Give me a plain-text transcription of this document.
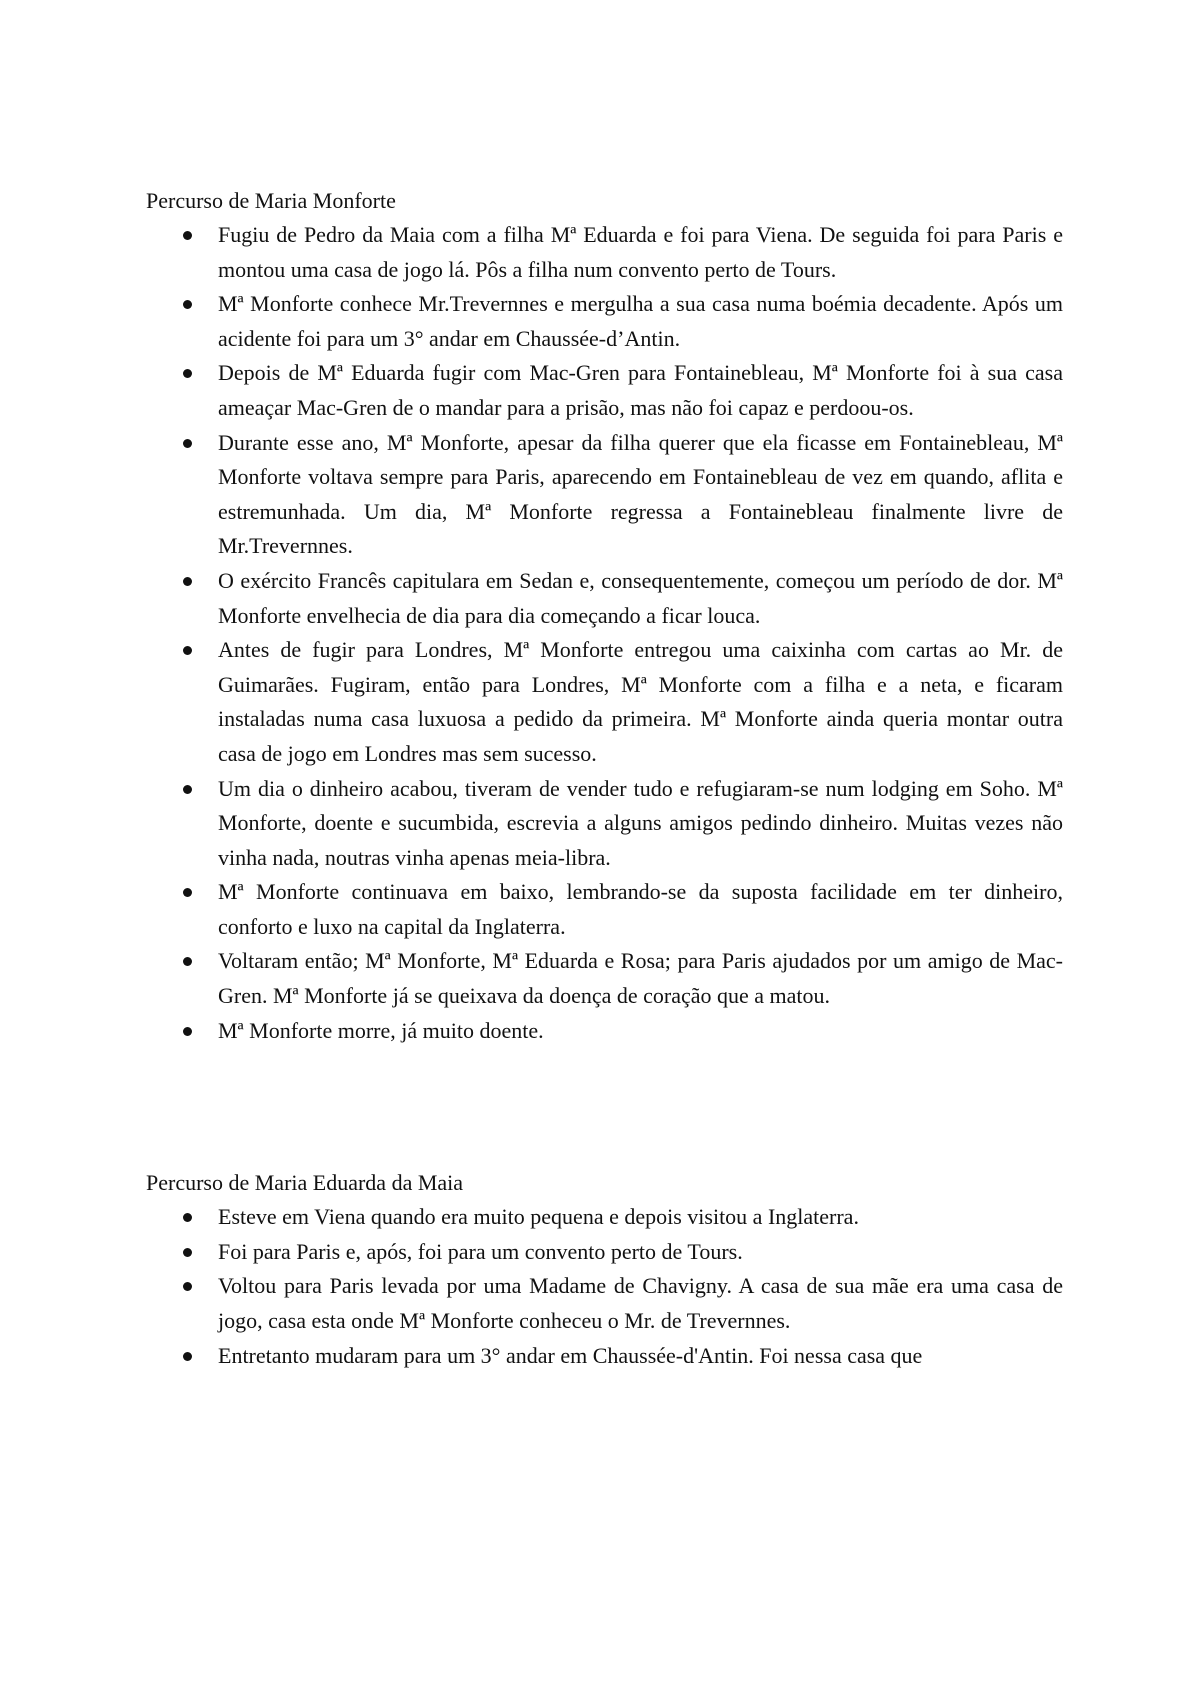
Percurso de Maria Monforte

Fugiu de Pedro da Maia com a filha Mª Eduarda e foi para Viena. De seguida foi para Paris e montou uma casa de jogo lá. Pôs a filha num convento perto de Tours.
Mª Monforte conhece Mr.Trevernnes e mergulha a sua casa numa boémia decadente. Após um acidente foi para um 3° andar em Chaussée-d’Antin.
Depois de Mª Eduarda fugir com Mac-Gren para Fontainebleau, Mª Monforte foi à sua casa ameaçar Mac-Gren de o mandar para a prisão, mas não foi capaz e perdoou-os.
Durante esse ano, Mª Monforte, apesar da filha querer que ela ficasse em Fontainebleau, Mª Monforte voltava sempre para Paris, aparecendo em Fontainebleau de vez em quando, aflita e estremunhada. Um dia, Mª Monforte regressa a Fontainebleau finalmente livre de Mr.Trevernnes.
O exército Francês capitulara em Sedan e, consequentemente, começou um período de dor. Mª Monforte envelhecia de dia para dia começando a ficar louca.
Antes de fugir para Londres, Mª Monforte entregou uma caixinha com cartas ao Mr. de Guimarães. Fugiram, então para Londres, Mª Monforte com a filha e a neta, e ficaram instaladas numa casa luxuosa a pedido da primeira. Mª Monforte ainda queria montar outra casa de jogo em Londres mas sem sucesso.
Um dia o dinheiro acabou, tiveram de vender tudo e refugiaram-se num lodging em Soho. Mª Monforte, doente e sucumbida, escrevia a alguns amigos pedindo dinheiro. Muitas vezes não vinha nada, noutras vinha apenas meia-libra.
Mª Monforte continuava em baixo, lembrando-se da suposta facilidade em ter dinheiro, conforto e luxo na capital da Inglaterra.
Voltaram então; Mª Monforte, Mª Eduarda e Rosa; para Paris ajudados por um amigo de Mac-Gren. Mª Monforte já se queixava da doença de coração que a matou.
Mª Monforte morre, já muito doente.

Percurso de Maria Eduarda da Maia

Esteve em Viena quando era muito pequena e depois visitou a Inglaterra.
Foi para Paris e, após, foi para um convento perto de Tours.
Voltou para Paris levada por uma Madame de Chavigny. A casa de sua mãe era uma casa de jogo, casa esta onde Mª Monforte conheceu o Mr. de Trevernnes.
Entretanto mudaram para um 3° andar em Chaussée-d'Antin. Foi nessa casa que
